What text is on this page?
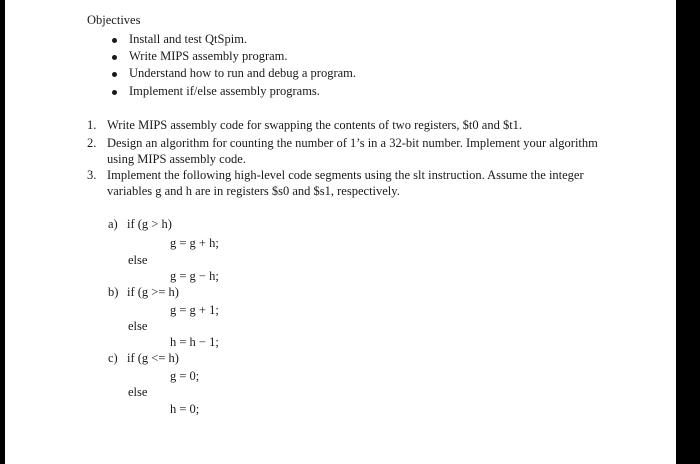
Objectives
Install and test QtSpim.
Write MIPS assembly program.
Understand how to run and debug a program.
Implement if/else assembly programs.
1. Write MIPS assembly code for swapping the contents of two registers, $t0 and $t1.
2. Design an algorithm for counting the number of 1’s in a 32-bit number. Implement your algorithm
using MIPS assembly code.
3. Implement the following high-level code segments using the slt instruction. Assume the integer
variables g and h are in registers $s0 and $s1, respectively.
a) if (g > h)
g = g + h;
else
g = g − h;
b) if (g >= h)
g = g + 1;
else
h = h − 1;
c) if (g <= h)
g = 0;
else
h = 0;
